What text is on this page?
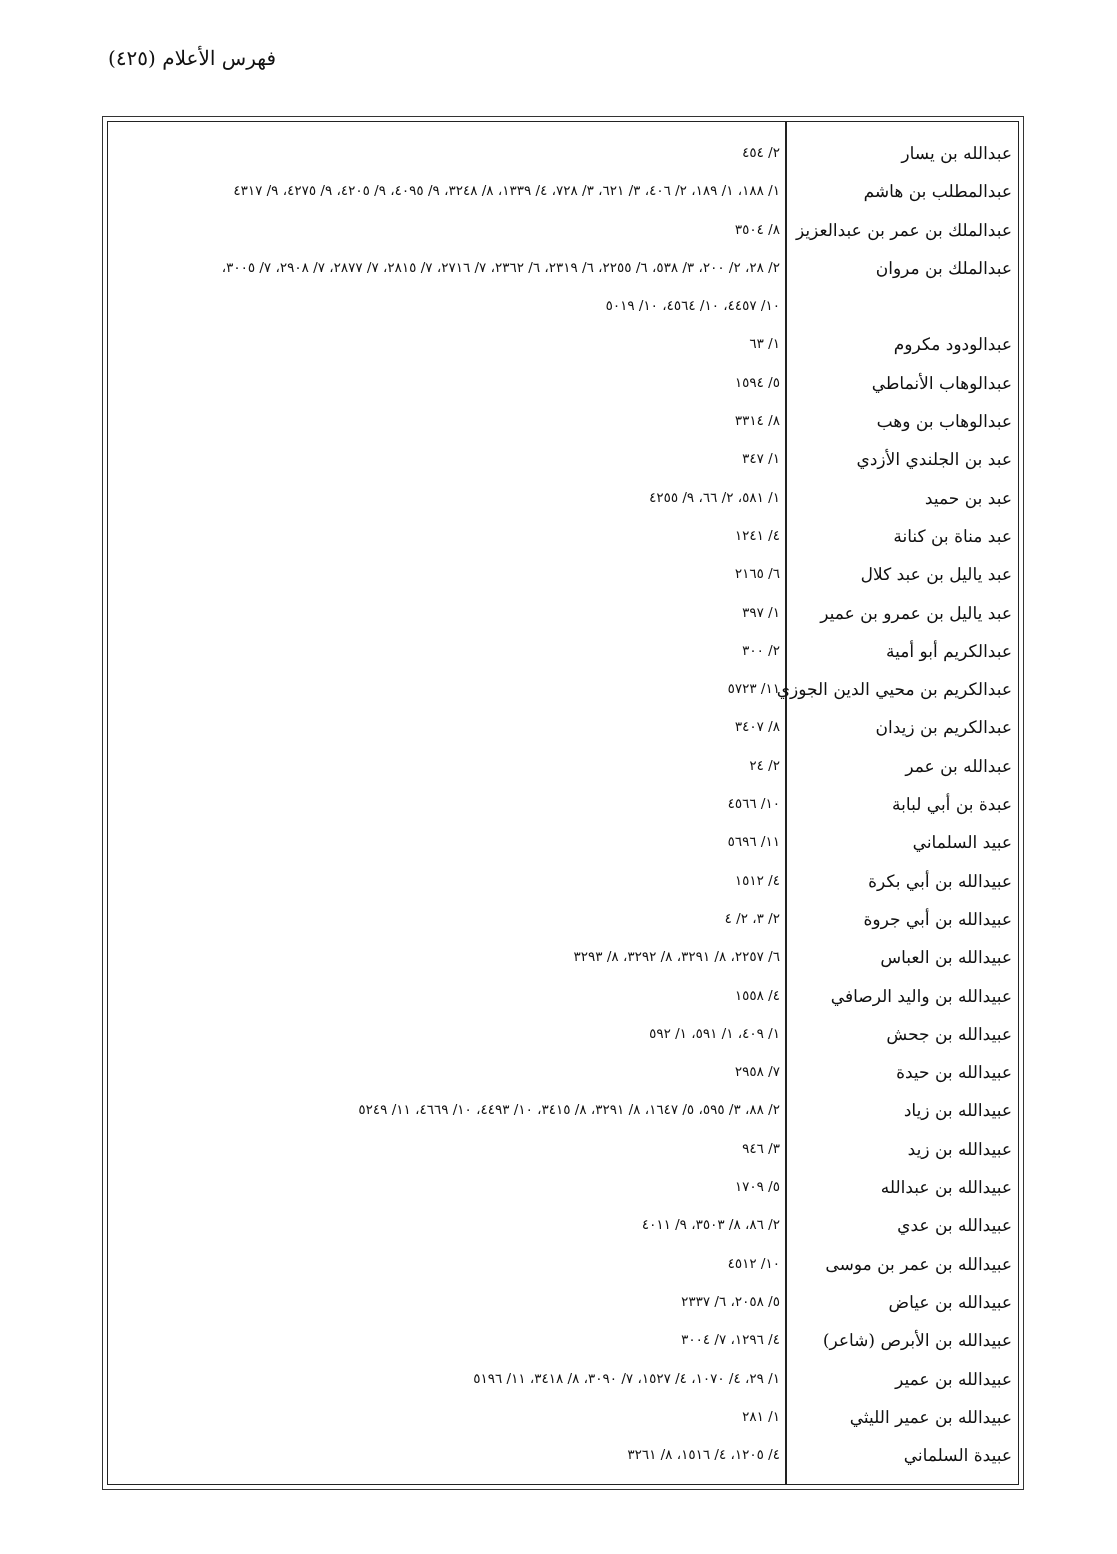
فهرس الأعلام (٤٢٥)
عبدالله بن يسار
٢/ ٤٥٤
عبدالمطلب بن هاشم
١/ ١٨٨، ١/ ١٨٩، ٢/ ٤٠٦، ٣/ ٦٢١، ٣/ ٧٢٨، ٤/ ١٣٣٩، ٨/ ٣٢٤٨، ٩/ ٤٠٩٥، ٩/ ٤٢٠٥، ٩/ ٤٢٧٥، ٩/ ٤٣١٧
عبدالملك بن عمر بن عبدالعزيز
٨/ ٣٥٠٤
عبدالملك بن مروان
٢/ ٢٨، ٢/ ٢٠٠، ٣/ ٥٣٨، ٦/ ٢٢٥٥، ٦/ ٢٣١٩، ٦/ ٢٣٦٢، ٧/ ٢٧١٦، ٧/ ٢٨١٥، ٧/ ٢٨٧٧، ٧/ ٢٩٠٨، ٧/ ٣٠٠٥،
١٠/ ٤٤٥٧، ١٠/ ٤٥٦٤، ١٠/ ٥٠١٩
عبدالودود مكروم
١/ ٦٣
عبدالوهاب الأنماطي
٥/ ١٥٩٤
عبدالوهاب بن وهب
٨/ ٣٣١٤
عبد بن الجلندي الأزدي
١/ ٣٤٧
عبد بن حميد
١/ ٥٨١، ٢/ ٦٦، ٩/ ٤٢٥٥
عبد مناة بن كنانة
٤/ ١٢٤١
عبد ياليل بن عبد كلال
٦/ ٢١٦٥
عبد ياليل بن عمرو بن عمير
١/ ٣٩٧
عبدالكريم أبو أمية
٢/ ٣٠٠
عبدالكريم بن محيي الدين الجوزي
١١/ ٥٧٢٣
عبدالكريم بن زيدان
٨/ ٣٤٠٧
عبدالله بن عمر
٢/ ٢٤
عبدة بن أبي لبابة
١٠/ ٤٥٦٦
عبيد السلماني
١١/ ٥٦٩٦
عبيدالله بن أبي بكرة
٤/ ١٥١٢
عبيدالله بن أبي جروة
٢/ ٣، ٢/ ٤
عبيدالله بن العباس
٦/ ٢٢٥٧، ٨/ ٣٢٩١، ٨/ ٣٢٩٢، ٨/ ٣٢٩٣
عبيدالله بن واليد الرصافي
٤/ ١٥٥٨
عبيدالله بن جحش
١/ ٤٠٩، ١/ ٥٩١، ١/ ٥٩٢
عبيدالله بن حيدة
٧/ ٢٩٥٨
عبيدالله بن زياد
٢/ ٨٨، ٣/ ٥٩٥، ٥/ ١٦٤٧، ٨/ ٣٢٩١، ٨/ ٣٤١٥، ١٠/ ٤٤٩٣، ١٠/ ٤٦٦٩، ١١/ ٥٢٤٩
عبيدالله بن زيد
٣/ ٩٤٦
عبيدالله بن عبدالله
٥/ ١٧٠٩
عبيدالله بن عدي
٢/ ٨٦، ٨/ ٣٥٠٣، ٩/ ٤٠١١
عبيدالله بن عمر بن موسى
١٠/ ٤٥١٢
عبيدالله بن عياض
٥/ ٢٠٥٨، ٦/ ٢٣٣٧
عبيدالله بن الأبرص (شاعر)
٤/ ١٢٩٦، ٧/ ٣٠٠٤
عبيدالله بن عمير
١/ ٢٩، ٤/ ١٠٧٠، ٤/ ١٥٢٧، ٧/ ٣٠٩٠، ٨/ ٣٤١٨، ١١/ ٥١٩٦
عبيدالله بن عمير الليثي
١/ ٢٨١
عبيدة السلماني
٤/ ١٢٠٥، ٤/ ١٥١٦، ٨/ ٣٢٦١
